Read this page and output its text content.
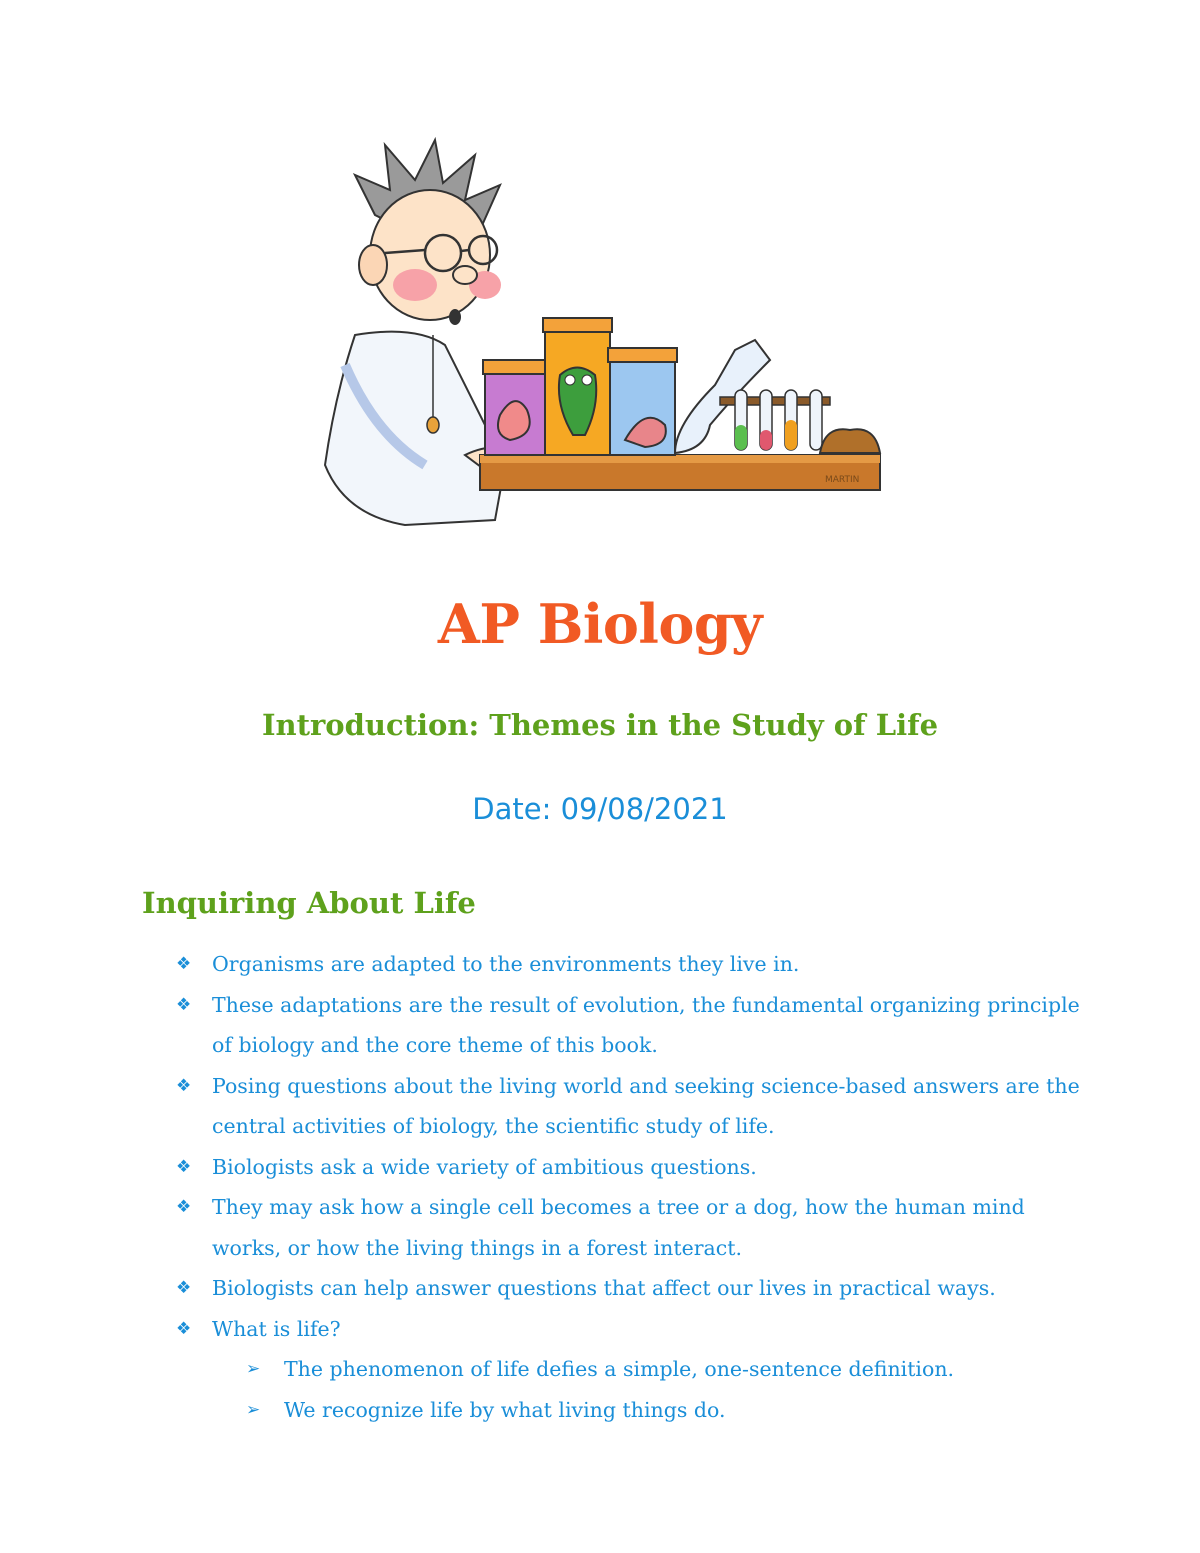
MARTIN
AP Biology
Introduction: Themes in the Study of Life
Date: 09/08/2021
Inquiring About Life
❖ Organisms are adapted to the environments they live in.
❖ These adaptations are the result of evolution, the fundamental organizing principle of biology and the core theme of this book.
❖ Posing questions about the living world and seeking science-based answers are the central activities of biology, the scientific study of life.
❖ Biologists ask a wide variety of ambitious questions.
❖ They may ask how a single cell becomes a tree or a dog, how the human mind works, or how the living things in a forest interact.
❖ Biologists can help answer questions that affect our lives in practical ways.
❖ What is life?
➢ The phenomenon of life defies a simple, one-sentence definition.
➢ We recognize life by what living things do.
